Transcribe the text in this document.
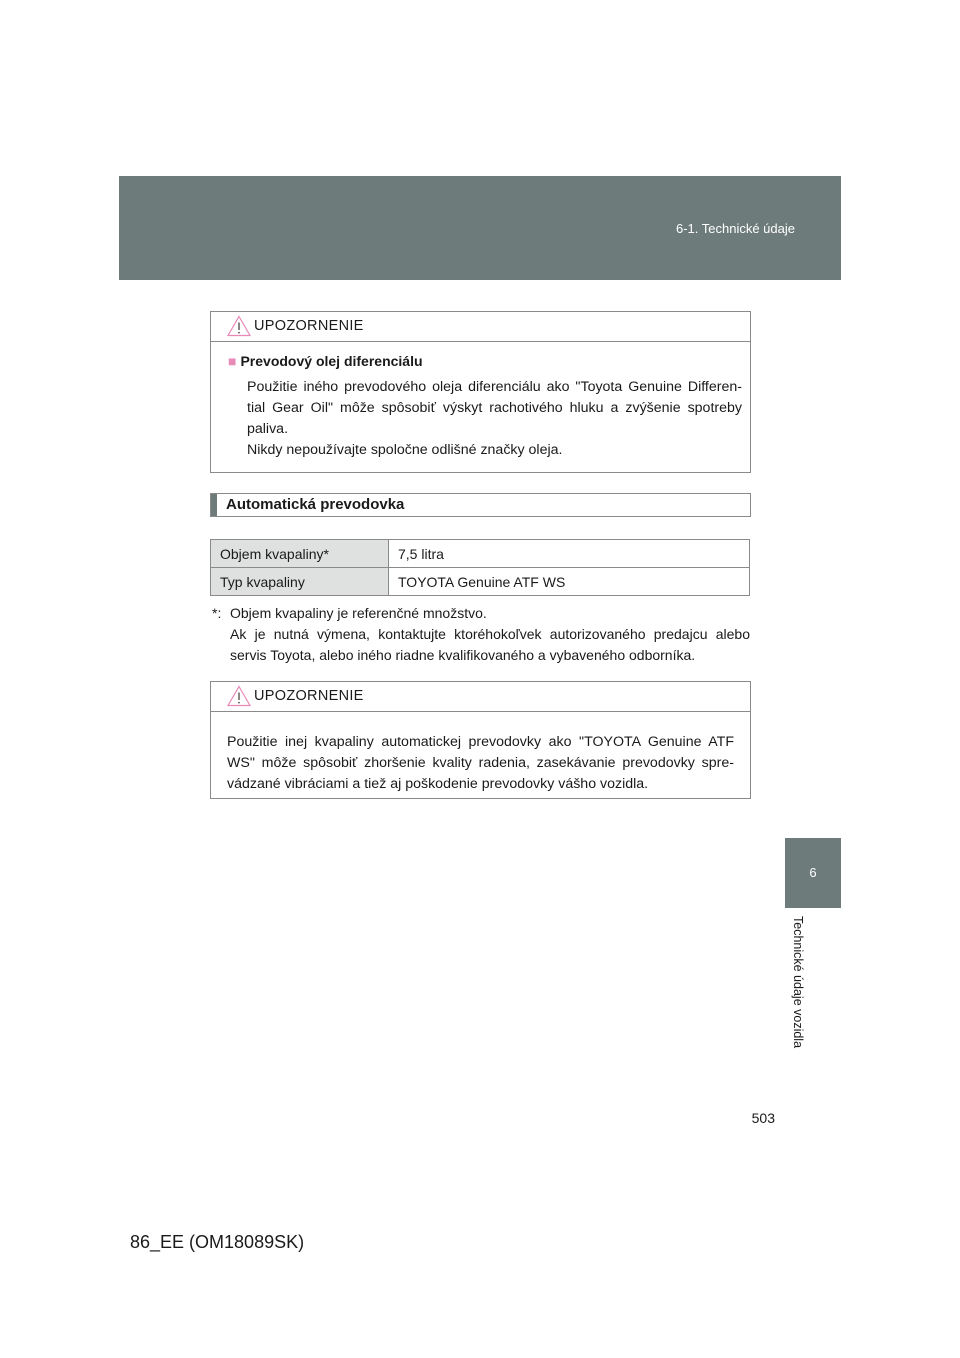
6-1. Technické údaje
6
Technické údaje vozidla
UPOZORNENIE
■ Prevodový olej diferenciálu
Použitie iného prevodového oleja diferenciálu ako "Toyota Genuine Differen- tial Gear Oil" môže spôsobiť výskyt rachotivého hluku a zvýšenie spotreby paliva.
Nikdy nepoužívajte spoločne odlišné značky oleja.
Automatická prevodovka
Objem kvapaliny*	7,5 litra
Typ kvapaliny	TOYOTA Genuine ATF WS
*: Objem kvapaliny je referenčné množstvo.
Ak je nutná výmena, kontaktujte ktoréhokoľvek autorizovaného predajcu alebo servis Toyota, alebo iného riadne kvalifikovaného a vybaveného odborníka.
UPOZORNENIE
Použitie inej kvapaliny automatickej prevodovky ako "TOYOTA Genuine ATF WS" môže spôsobiť zhoršenie kvality radenia, zasekávanie prevodovky spre- vádzané vibráciami a tiež aj poškodenie prevodovky vášho vozidla.
503
86_EE (OM18089SK)
